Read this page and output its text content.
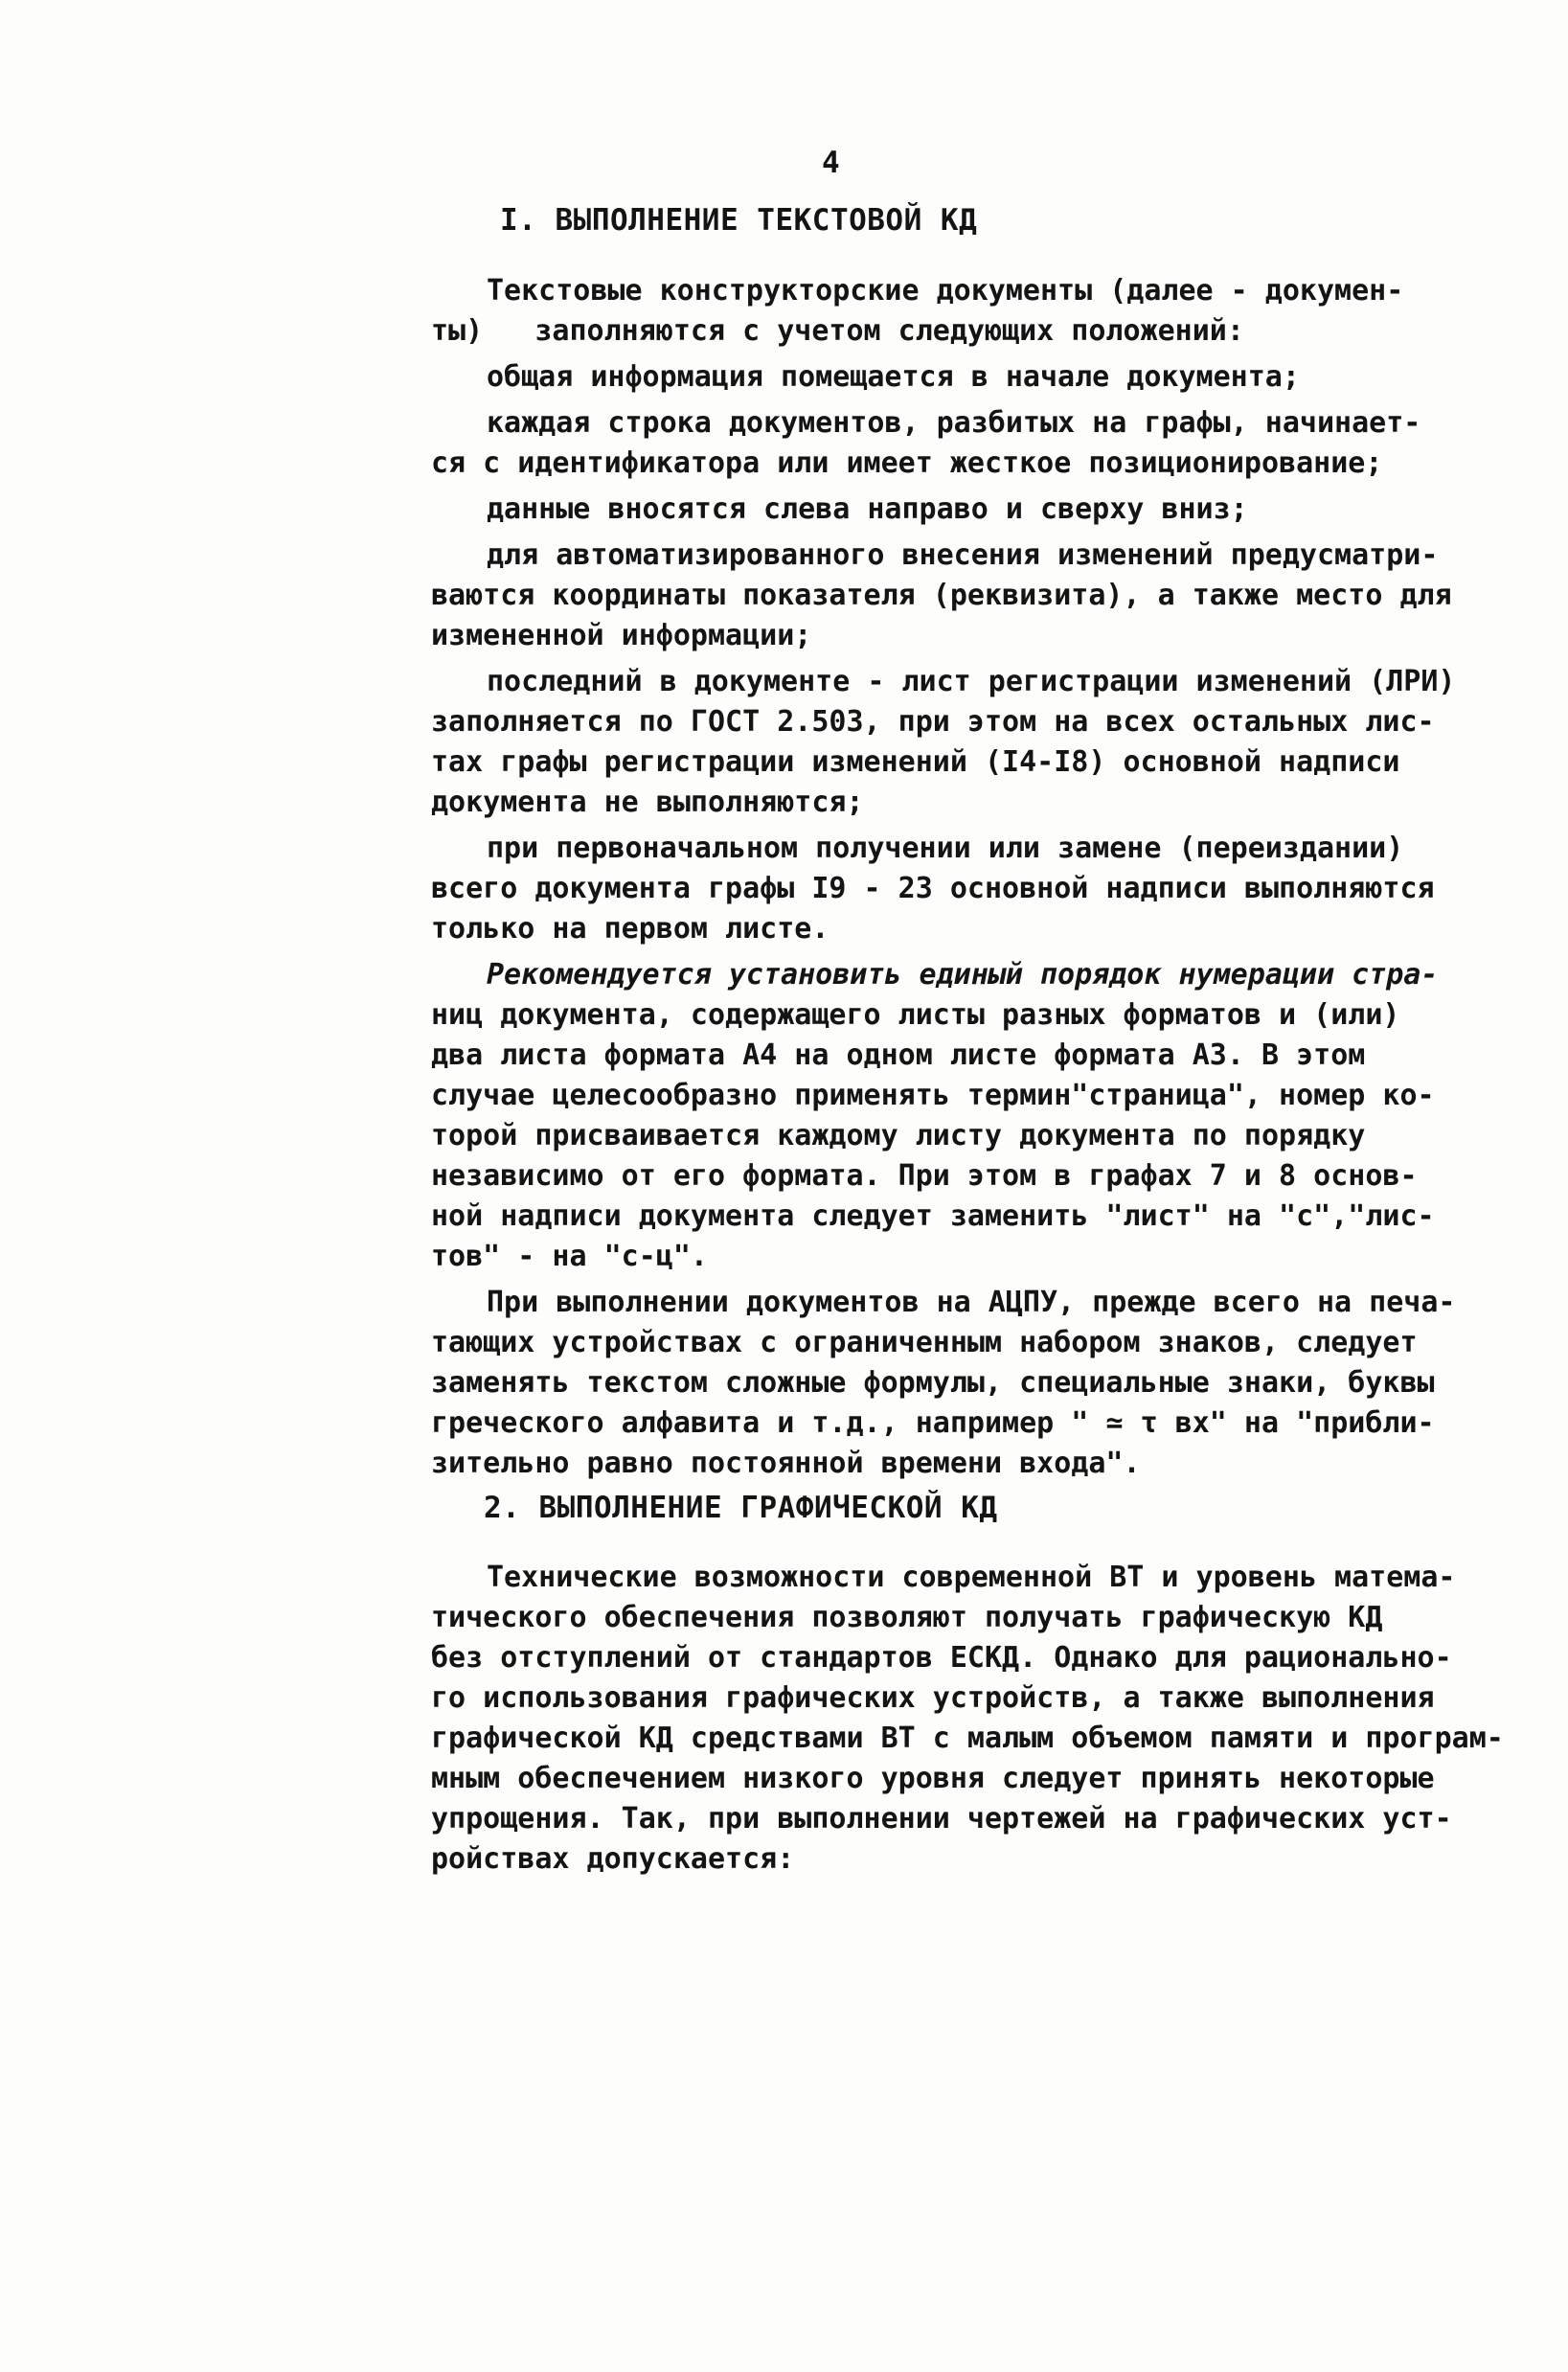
4
I. ВЫПОЛНЕНИЕ ТЕКСТОВОЙ КД
Текстовые конструкторские документы (далее - докумен-
ты)   заполняются с учетом следующих положений:
общая информация помещается в начале документа;
каждая строка документов, разбитых на графы, начинает-
ся с идентификатора или имеет жесткое позиционирование;
данные вносятся слева направо и сверху вниз;
для автоматизированного внесения изменений предусматри-
ваются координаты показателя (реквизита), а также место для
измененной информации;
последний в документе - лист регистрации изменений (ЛРИ)
заполняется по ГОСТ 2.503, при этом на всех остальных лис-
тах графы регистрации изменений (I4-I8) основной надписи
документа не выполняются;
при первоначальном получении или замене (переиздании)
всего документа графы I9 - 23 основной надписи выполняются
только на первом листе.
Рекомендуется установить единый порядок нумерации стра-
ниц документа, содержащего листы разных форматов и (или)
два листа формата А4 на одном листе формата А3. В этом
случае целесообразно применять термин"страница", номер ко-
торой присваивается каждому листу документа по порядку
независимо от его формата. При этом в графах 7 и 8 основ-
ной надписи документа следует заменить "лист" на "с","лис-
тов" - на "с-ц".
При выполнении документов на АЦПУ, прежде всего на печа-
тающих устройствах с ограниченным набором знаков, следует
заменять текстом сложные формулы, специальные знаки, буквы
греческого алфавита и т.д., например " ≃ τ вх" на "прибли-
зительно равно постоянной времени входа".
2. ВЫПОЛНЕНИЕ ГРАФИЧЕСКОЙ КД
Технические возможности современной ВТ и уровень матема-
тического обеспечения позволяют получать графическую КД
без отступлений от стандартов ЕСКД. Однако для рационально-
го использования графических устройств, а также выполнения
графической КД средствами ВТ с малым объемом памяти и програм-
мным обеспечением низкого уровня следует принять некоторые
упрощения. Так, при выполнении чертежей на графических уст-
ройствах допускается:
